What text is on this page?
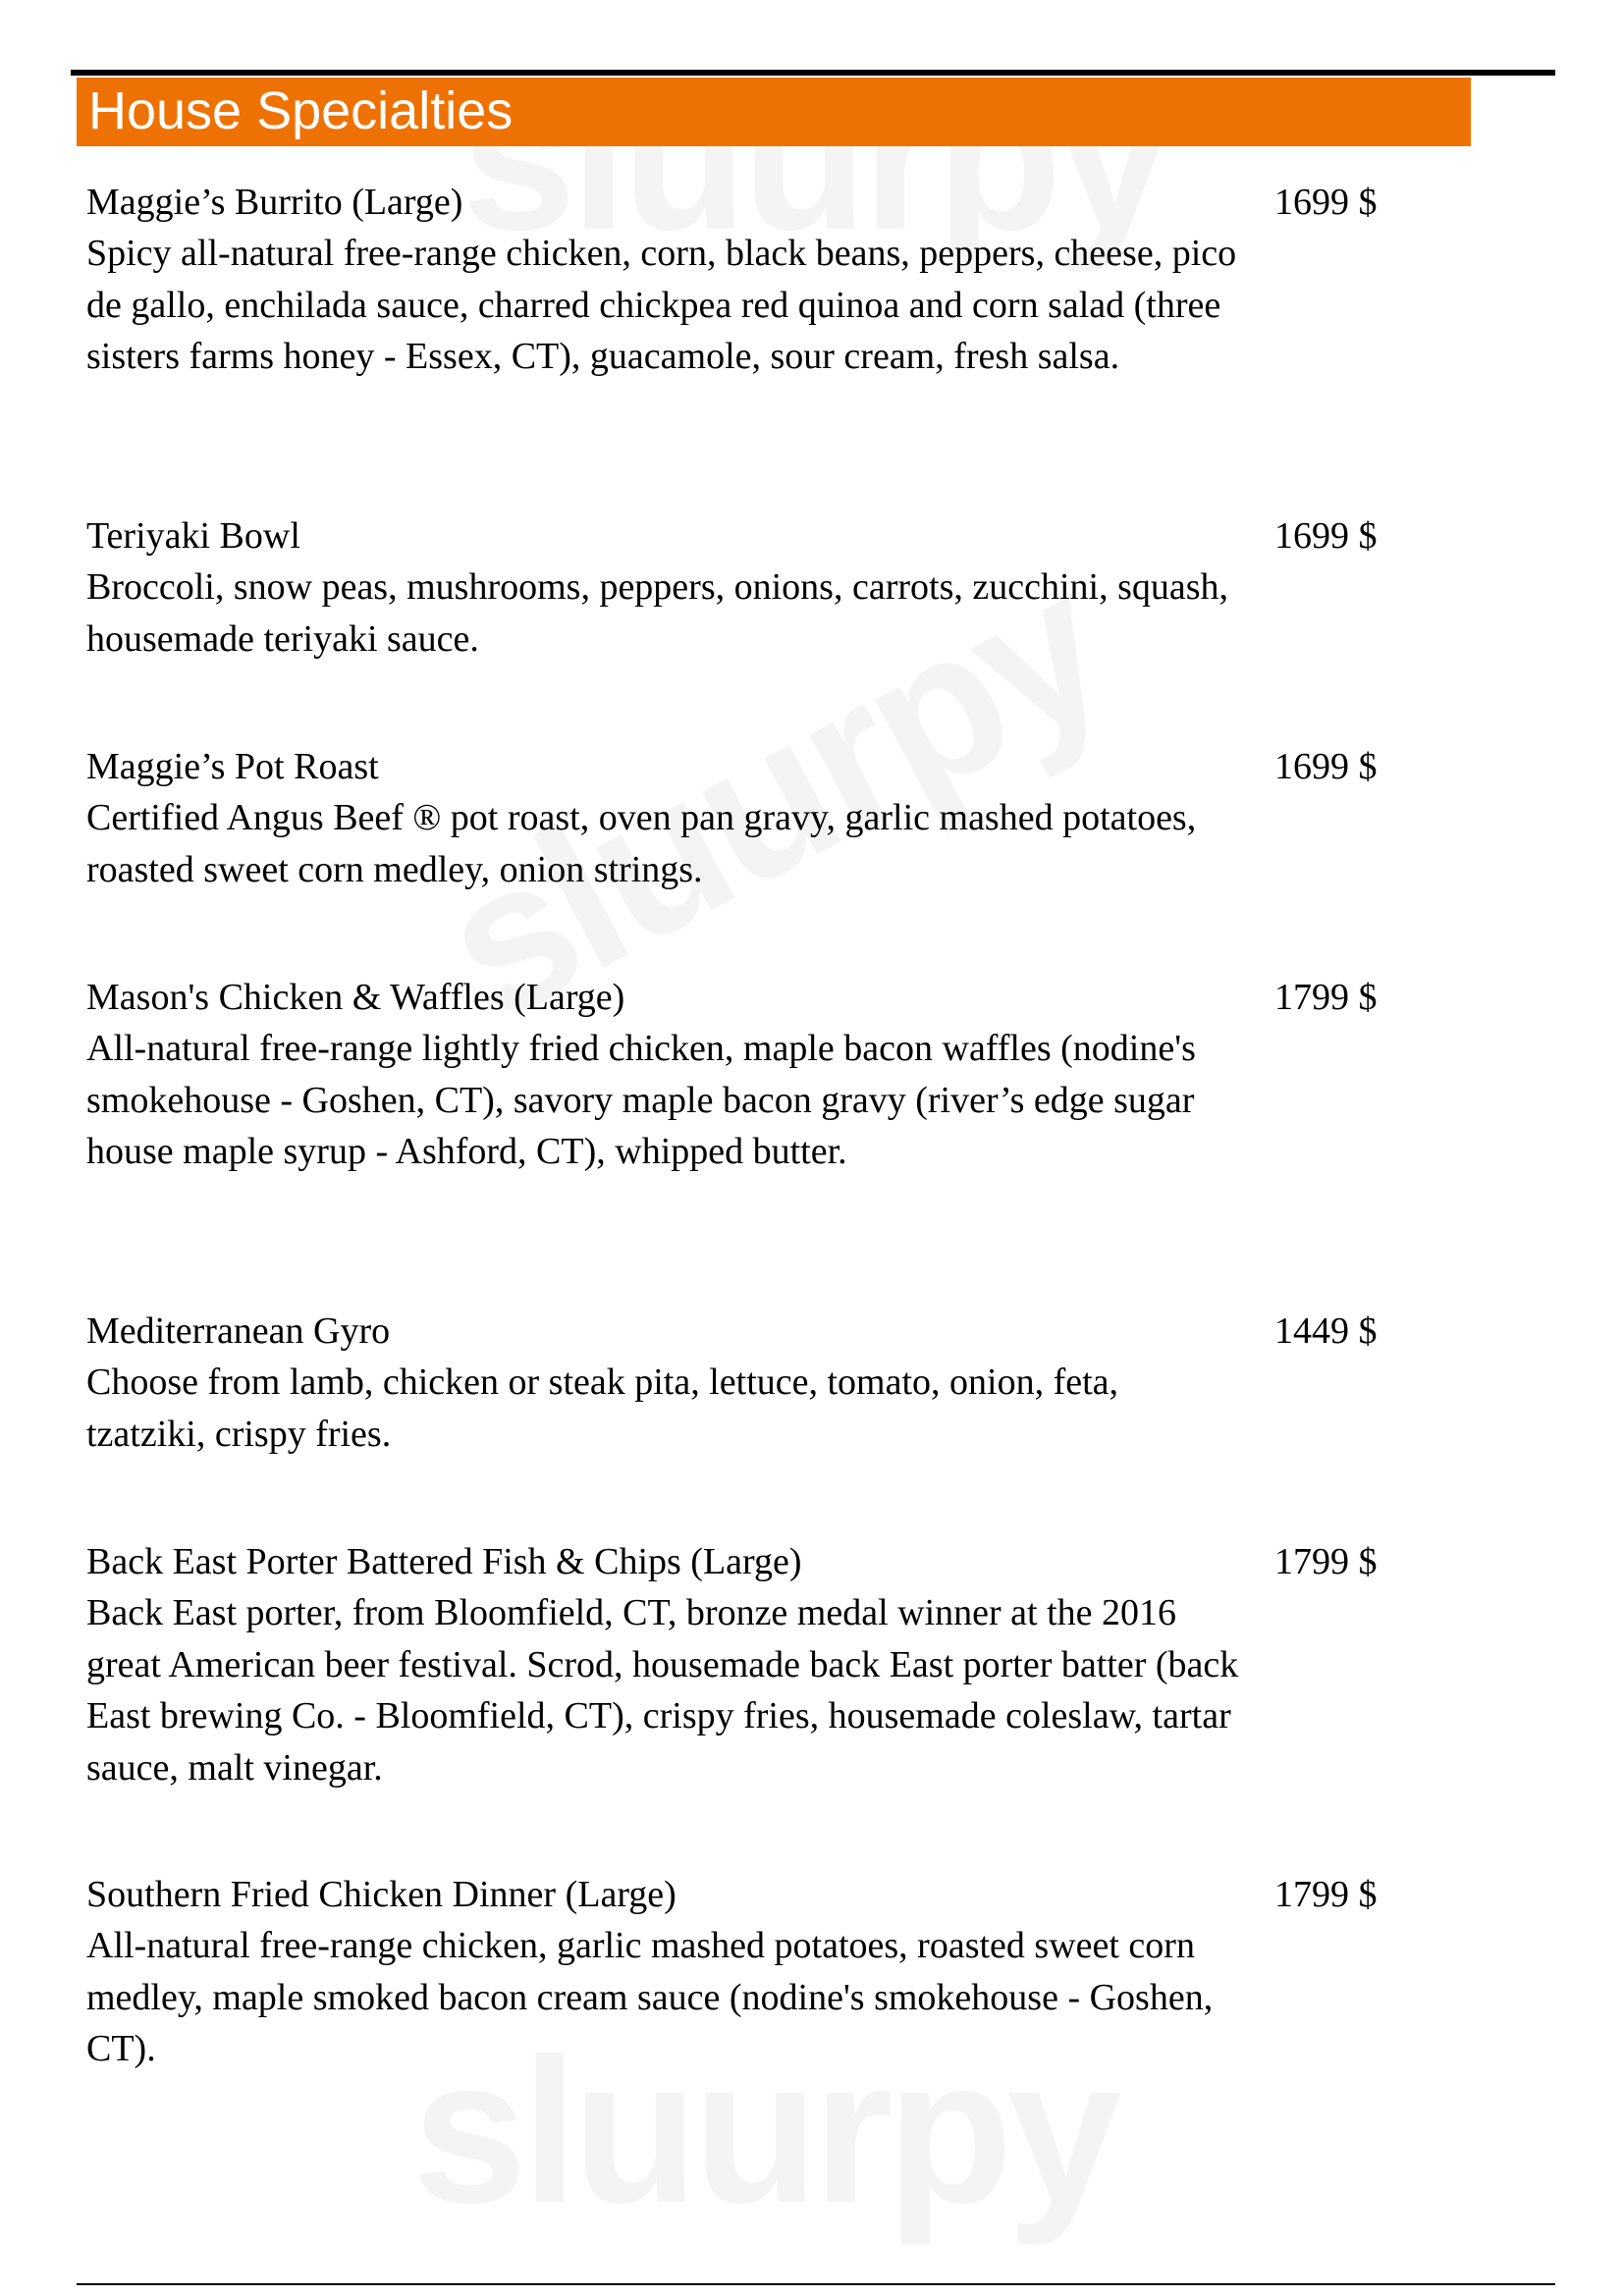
House Specialties
Maggie’s Burrito (Large)	1699 $
Spicy all-natural free-range chicken, corn, black beans, peppers, cheese, pico de gallo, enchilada sauce, charred chickpea red quinoa and corn salad (three sisters farms honey - Essex, CT), guacamole, sour cream, fresh salsa.
Teriyaki Bowl	1699 $
Broccoli, snow peas, mushrooms, peppers, onions, carrots, zucchini, squash, housemade teriyaki sauce.
Maggie’s Pot Roast	1699 $
Certified Angus Beef ® pot roast, oven pan gravy, garlic mashed potatoes, roasted sweet corn medley, onion strings.
Mason's Chicken & Waffles (Large)	1799 $
All-natural free-range lightly fried chicken, maple bacon waffles (nodine's smokehouse - Goshen, CT), savory maple bacon gravy (river’s edge sugar house maple syrup - Ashford, CT), whipped butter.
Mediterranean Gyro	1449 $
Choose from lamb, chicken or steak pita, lettuce, tomato, onion, feta, tzatziki, crispy fries.
Back East Porter Battered Fish & Chips (Large)	1799 $
Back East porter, from Bloomfield, CT, bronze medal winner at the 2016 great American beer festival. Scrod, housemade back East porter batter (back East brewing Co. - Bloomfield, CT), crispy fries, housemade coleslaw, tartar sauce, malt vinegar.
Southern Fried Chicken Dinner (Large)	1799 $
All-natural free-range chicken, garlic mashed potatoes, roasted sweet corn medley, maple smoked bacon cream sauce (nodine's smokehouse - Goshen, CT).
